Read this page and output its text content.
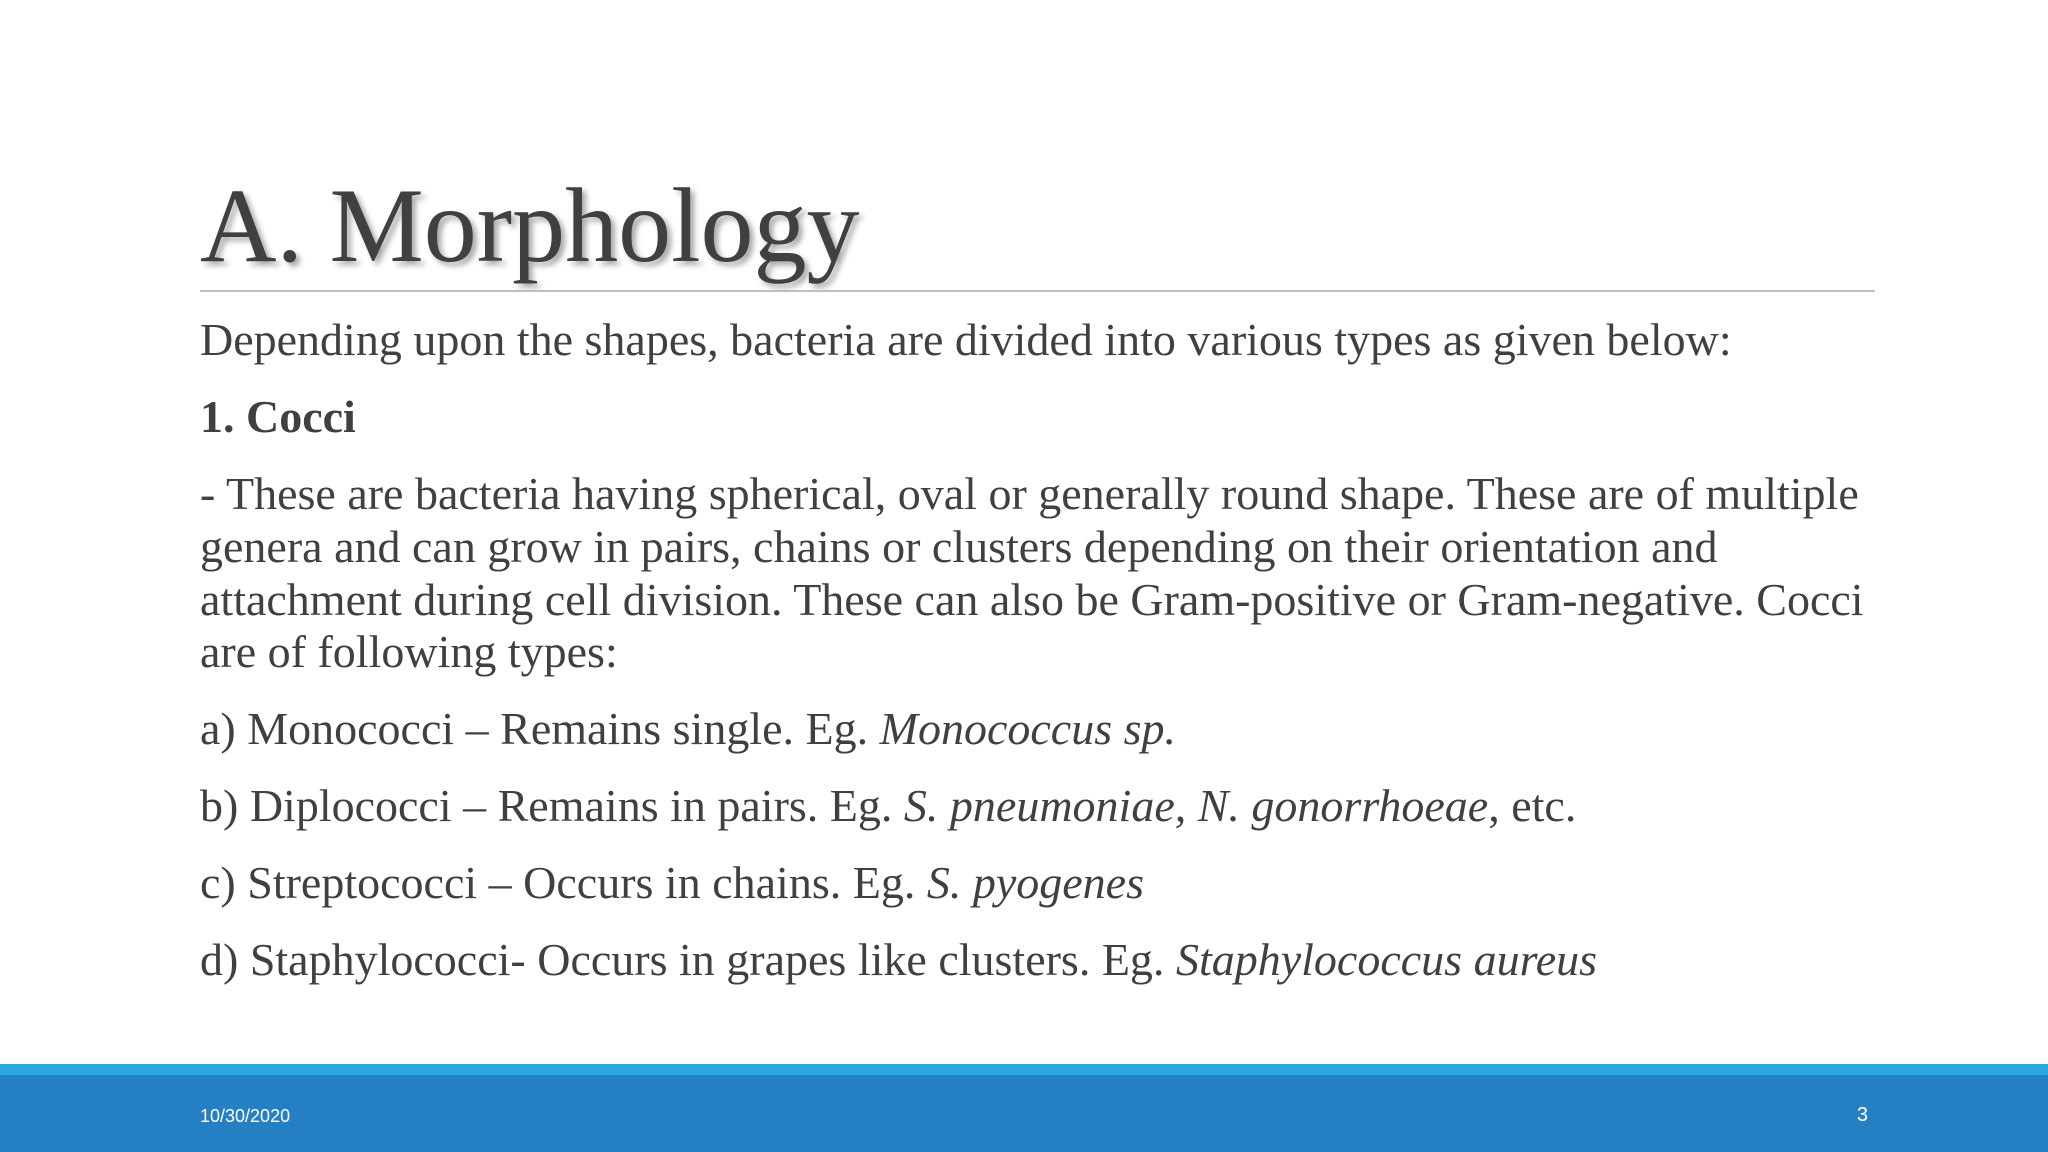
A. Morphology

Depending upon the shapes, bacteria are divided into various types as given below:

1. Cocci

- These are bacteria having spherical, oval or generally round shape. These are of multiple genera and can grow in pairs, chains or clusters depending on their orientation and attachment during cell division. These can also be Gram-positive or Gram-negative. Cocci are of following types:

a) Monococci – Remains single. Eg. Monococcus sp.

b) Diplococci – Remains in pairs. Eg. S. pneumoniae, N. gonorrhoeae, etc.

c) Streptococci – Occurs in chains. Eg. S. pyogenes

d) Staphylococci- Occurs in grapes like clusters. Eg. Staphylococcus aureus

10/30/2020	3
